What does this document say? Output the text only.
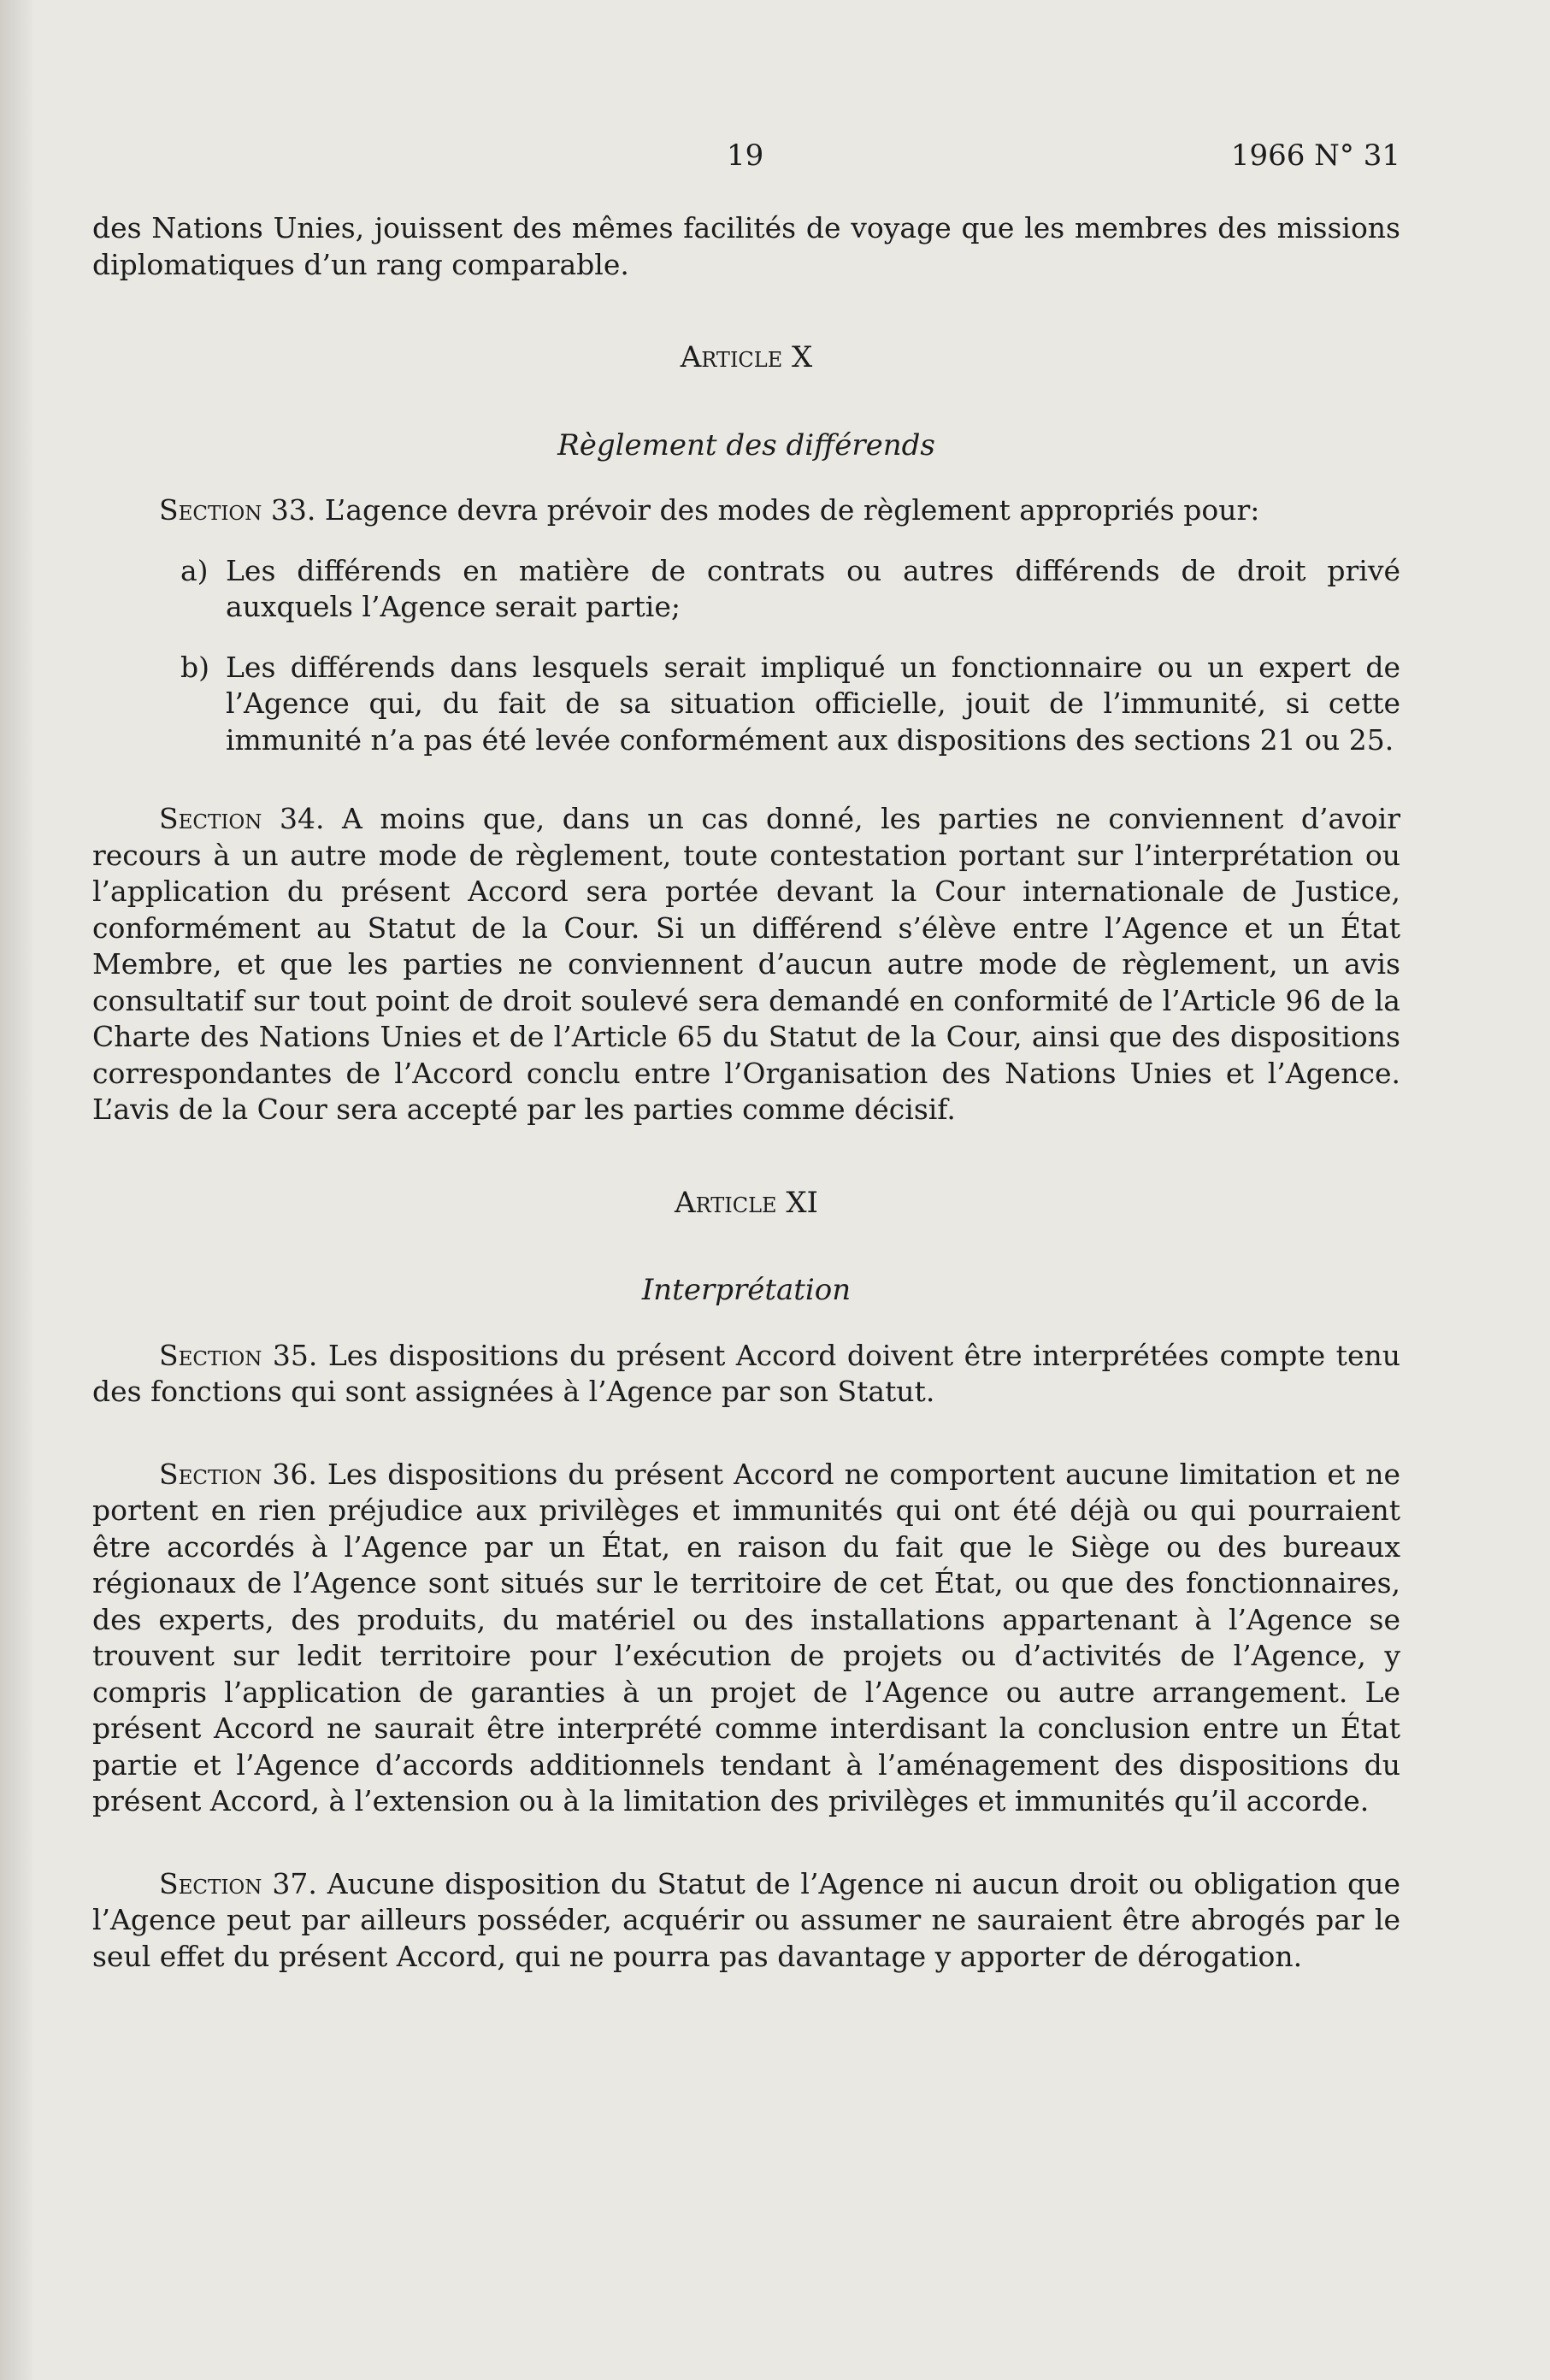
19	1966 N° 31

des Nations Unies, jouissent des mêmes facilités de voyage que les membres des missions diplomatiques d’un rang comparable.

Article X
Règlement des différends

Section 33. L’agence devra prévoir des modes de règlement appropriés pour:

a) Les différends en matière de contrats ou autres différends de droit privé auxquels l’Agence serait partie;
b) Les différends dans lesquels serait impliqué un fonctionnaire ou un expert de l’Agence qui, du fait de sa situation officielle, jouit de l’immunité, si cette immunité n’a pas été levée conformément aux dispositions des sections 21 ou 25.

Section 34. A moins que, dans un cas donné, les parties ne conviennent d’avoir recours à un autre mode de règlement, toute contestation portant sur l’interprétation ou l’application du présent Accord sera portée devant la Cour internationale de Justice, conformément au Statut de la Cour. Si un différend s’élève entre l’Agence et un État Membre, et que les parties ne conviennent d’aucun autre mode de règlement, un avis consultatif sur tout point de droit soulevé sera demandé en conformité de l’Article 96 de la Charte des Nations Unies et de l’Article 65 du Statut de la Cour, ainsi que des dispositions correspondantes de l’Accord conclu entre l’Organisation des Nations Unies et l’Agence. L’avis de la Cour sera accepté par les parties comme décisif.

Article XI
Interprétation

Section 35. Les dispositions du présent Accord doivent être interprétées compte tenu des fonctions qui sont assignées à l’Agence par son Statut.

Section 36. Les dispositions du présent Accord ne comportent aucune limitation et ne portent en rien préjudice aux privilèges et immunités qui ont été déjà ou qui pourraient être accordés à l’Agence par un État, en raison du fait que le Siège ou des bureaux régionaux de l’Agence sont situés sur le territoire de cet État, ou que des fonctionnaires, des experts, des produits, du matériel ou des installations appartenant à l’Agence se trouvent sur ledit territoire pour l’exécution de projets ou d’activités de l’Agence, y compris l’application de garanties à un projet de l’Agence ou autre arrangement. Le présent Accord ne saurait être interprété comme interdisant la conclusion entre un État partie et l’Agence d’accords additionnels tendant à l’aménagement des dispositions du présent Accord, à l’extension ou à la limitation des privilèges et immunités qu’il accorde.

Section 37. Aucune disposition du Statut de l’Agence ni aucun droit ou obligation que l’Agence peut par ailleurs posséder, acquérir ou assumer ne sauraient être abrogés par le seul effet du présent Accord, qui ne pourra pas davantage y apporter de dérogation.
